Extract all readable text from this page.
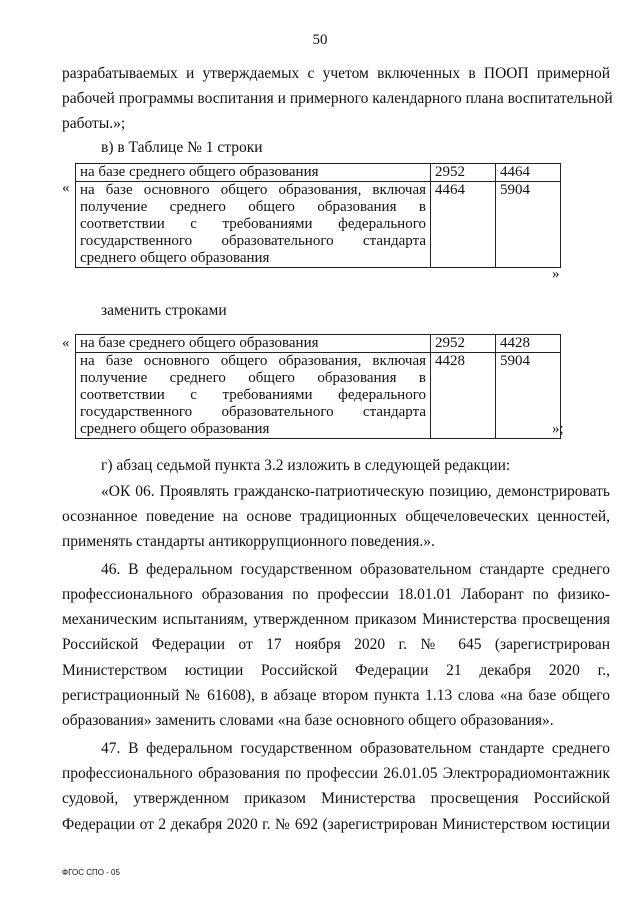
50
разрабатываемых и утверждаемых с учетом включенных в ПООП примерной
рабочей программы воспитания и примерного календарного плана воспитательной
работы.»;
в) в Таблице № 1 строки
«
на базе среднего общего образования	2952	4464

на базе основного общего образования, включая
получение среднего общего образования в
соответствии с требованиями федерального
государственного образовательного стандарта
среднего общего образования	4464	5904
»
заменить строками
« на базе среднего общего образования	2952	4428

на базе основного общего образования, включая
получение среднего общего образования в
соответствии с требованиями федерального
государственного образовательного стандарта
среднего общего образования	4428	5904
»;
г) абзац седьмой пункта 3.2 изложить в следующей редакции:
«ОК 06. Проявлять гражданско-патриотическую позицию, демонстрировать
осознанное поведение на основе традиционных общечеловеческих ценностей,
применять стандарты антикоррупционного поведения.».
46. В федеральном государственном образовательном стандарте среднего
профессионального образования по профессии 18.01.01 Лаборант по физико-
механическим испытаниям, утвержденном приказом Министерства просвещения
Российской Федерации от 17 ноября 2020 г. № 645 (зарегистрирован
Министерством юстиции Российской Федерации 21 декабря 2020 г.,
регистрационный № 61608), в абзаце втором пункта 1.13 слова «на базе общего
образования» заменить словами «на базе основного общего образования».
47. В федеральном государственном образовательном стандарте среднего
профессионального образования по профессии 26.01.05 Электрорадиомонтажник
судовой, утвержденном приказом Министерства просвещения Российской
Федерации от 2 декабря 2020 г. № 692 (зарегистрирован Министерством юстиции
ФГОС СПО - 05
